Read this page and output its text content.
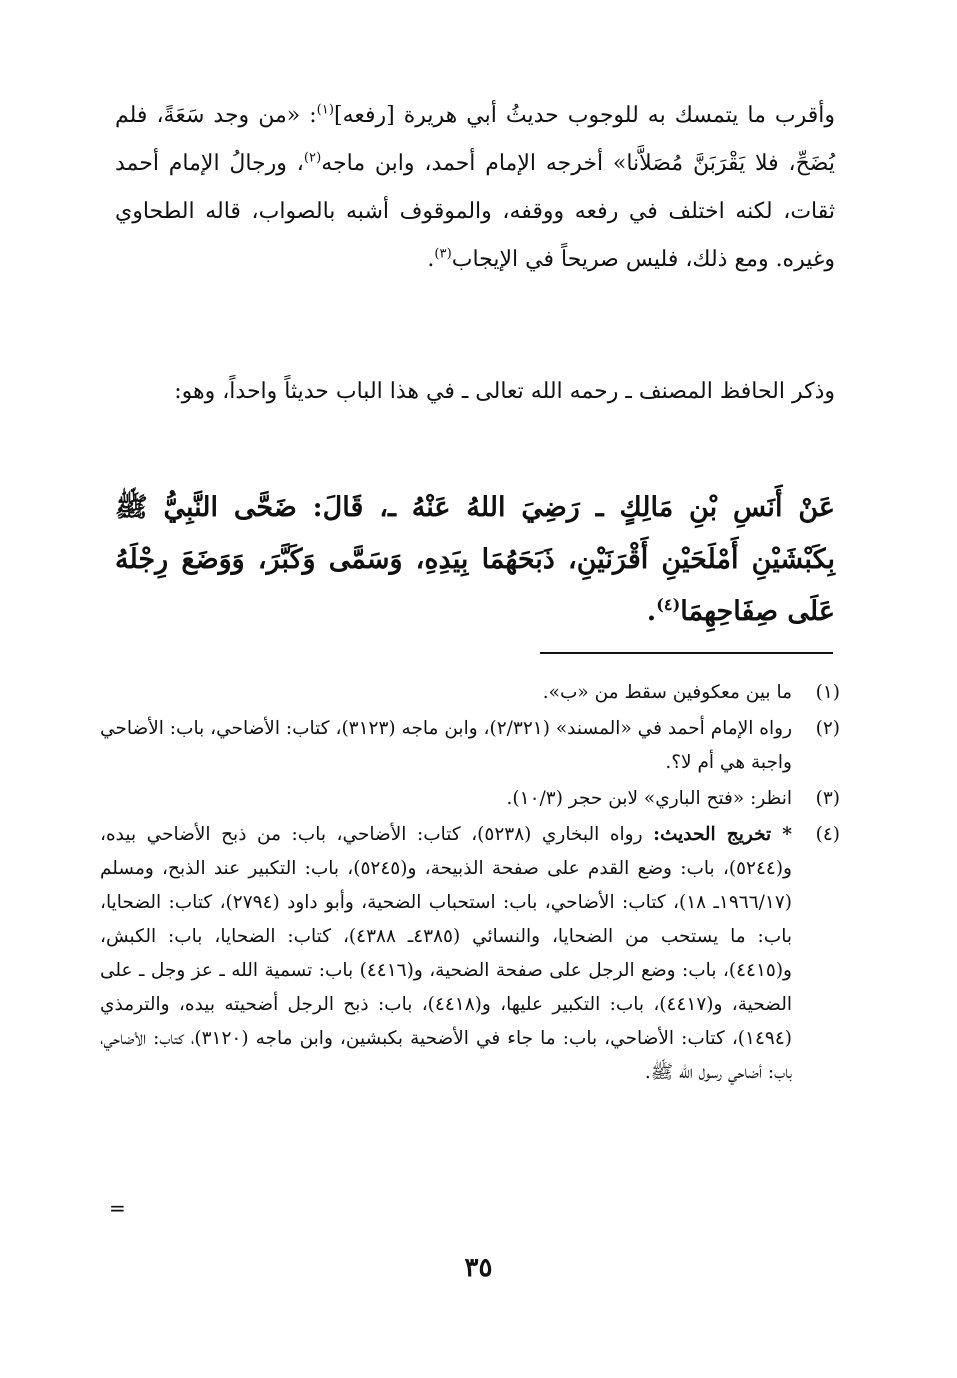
وأقرب ما يتمسك به للوجوب حديثُ أبي هريرة [رفعه]$^{(١)}$: «من وجد سَعَةً، فلم يُضَحِّ، فلا يَقْرَبَنَّ مُصَلاَّنا» أخرجه الإمام أحمد، وابن ماجه$^{(٢)}$، ورجالُ الإمام أحمد ثقات، لكنه اختلف في رفعه ووقفه، والموقوف أشبه بالصواب، قاله الطحاوي وغيره. ومع ذلك، فليس صريحاً في الإيجاب$^{(٣)}$.
وذكر الحافظ المصنف ـ رحمه الله تعالى ـ في هذا الباب حديثاً واحداً، وهو:
عَنْ أَنَسِ بْنِ مَالِكٍ ـ رَضِيَ اللهُ عَنْهُ ـ، قَالَ: ضَحَّى النَّبِيُّ ﷺ بِكَبْشَيْنِ أَمْلَحَيْنِ أَقْرَنَيْنِ، ذَبَحَهُمَا بِيَدِهِ، وَسَمَّى وَكَبَّرَ، وَوَضَعَ رِجْلَهُ عَلَى صِفَاحِهِمَا$^{(٤)}$.
(١)
ما بين معكوفين سقط من «ب».
(٢)
رواه الإمام أحمد في «المسند» (٢/٣٢١)، وابن ماجه (٣١٢٣)، كتاب: الأضاحي، باب: الأضاحي واجبة هي أم لا؟.
(٣)
انظر: «فتح الباري» لابن حجر (١٠/٣).
(٤)
* تخريج الحديث: رواه البخاري (٥٢٣٨)، كتاب: الأضاحي، باب: من ذبح الأضاحي بيده، و(٥٢٤٤)، باب: وضع القدم على صفحة الذبيحة، و(٥٢٤٥)، باب: التكبير عند الذبح، ومسلم (١٩٦٦/١٧ـ ١٨)، كتاب: الأضاحي، باب: استحباب الضحية، وأبو داود (٢٧٩٤)، كتاب: الضحايا، باب: ما يستحب من الضحايا، والنسائي (٤٣٨٥ـ ٤٣٨٨)، كتاب: الضحايا، باب: الكبش، و(٤٤١٥)، باب: وضع الرجل على صفحة الضحية، و(٤٤١٦) باب: تسمية الله ـ عز وجل ـ على الضحية، و(٤٤١٧)، باب: التكبير عليها، و(٤٤١٨)، باب: ذبح الرجل أضحيته بيده، والترمذي (١٤٩٤)، كتاب: الأضاحي، باب: ما جاء في الأضحية بكبشين، وابن ماجه (٣١٢٠)، كتاب: الأضاحي، باب: أضاحي رسول الله ﷺ.
=
٣٥
